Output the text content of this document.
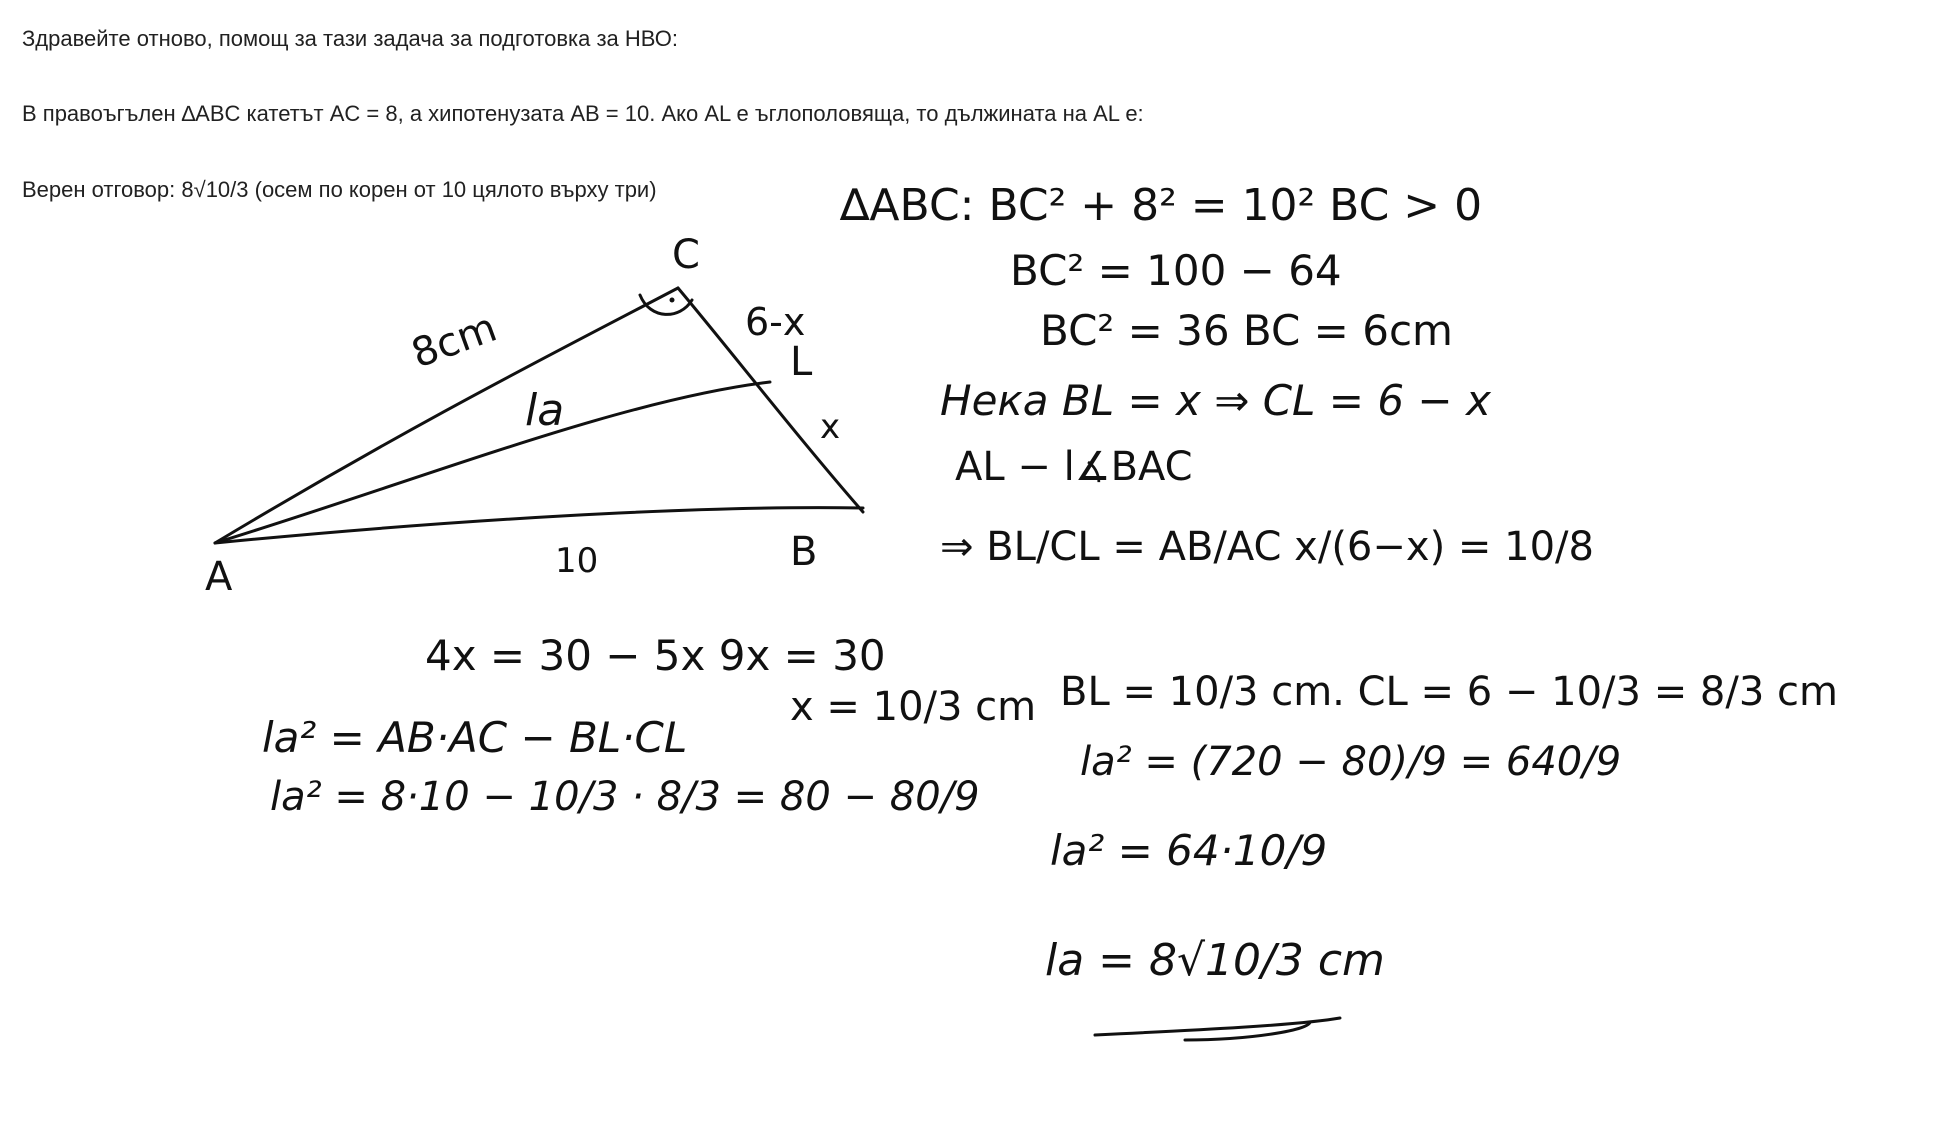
Здравейте отново, помощ за тази задача за подготовка за НВО:
В правоъгълен ∆ABC катетът AC = 8, а хипотенузата AB = 10. Ако AL е ъглополовяща, то дължината на AL е:
Верен отговор: 8√10/3 (осем по корен от 10 цялото върху три)
C
A
B
L
8cm
10
6-x
x
la
∆ABC: BC² + 8² = 10² BC > 0
BC² = 100 − 64
BC² = 36 BC = 6cm
Нека BL = x ⇒ CL = 6 − x
AL − l∡BAC
⇒ BL/CL = AB/AC x/(6−x) = 10/8
BL = 10/3 cm. CL = 6 − 10/3 = 8/3 cm
la² = (720 − 80)/9 = 640/9
la² = 64·10/9
la = 8√10/3 cm
4x = 30 − 5x 9x = 30
x = 10/3 cm
la² = AB·AC − BL·CL
la² = 8·10 − 10/3 · 8/3 = 80 − 80/9
